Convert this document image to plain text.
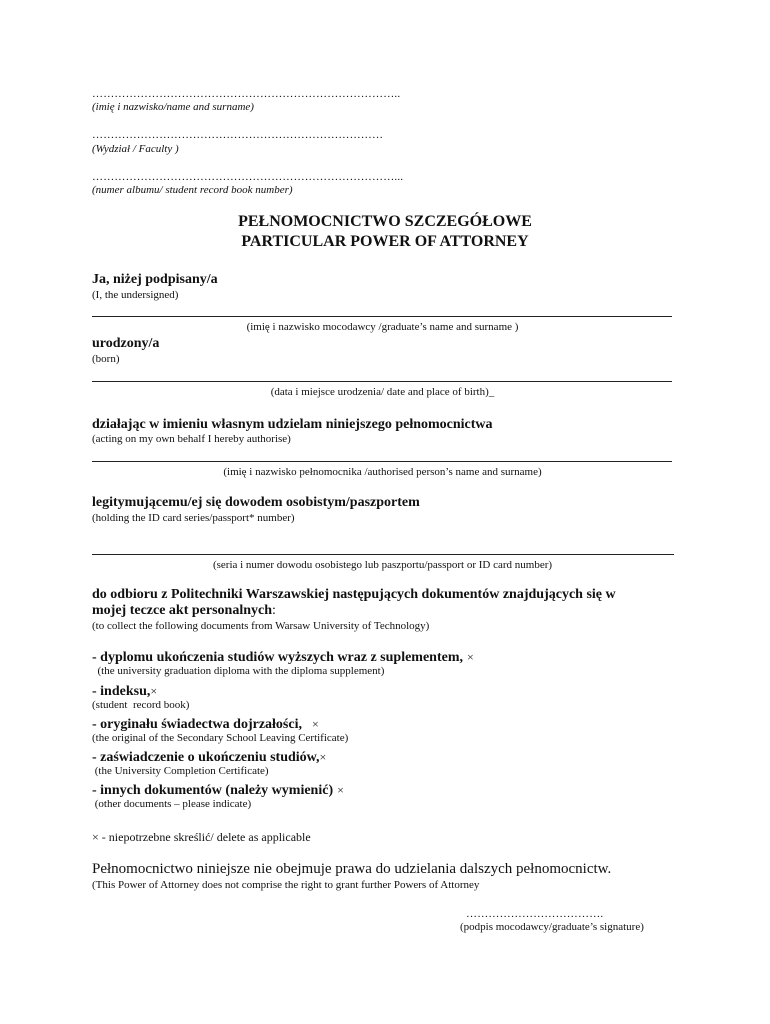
………………………………………………………………………..
(imię i nazwisko/name and surname)
……………………………………………………………………
(Wydział / Faculty )
………………………………………………………………………...
(numer albumu/ student record book number)
PEŁNOMOCNICTWO SZCZEGÓŁOWE
PARTICULAR POWER OF ATTORNEY
Ja, niżej podpisany/a
(I, the undersigned)
(imię i nazwisko mocodawcy /graduate’s name and surname )
urodzony/a
(born)
(data i miejsce urodzenia/ date and place of birth)_
działając w imieniu własnym udzielam niniejszego pełnomocnictwa
(acting on my own behalf I hereby authorise)
(imię i nazwisko pełnomocnika /authorised person’s name and surname)
legitymującemu/ej się dowodem osobistym/paszportem
(holding the ID card series/passport* number)
(seria i numer dowodu osobistego lub paszportu/passport or ID card number)
do odbioru z Politechniki Warszawskiej następujących dokumentów znajdujących się w
mojej teczce akt personalnych:
(to collect the following documents from Warsaw University of Technology)
- dyplomu ukończenia studiów wyższych wraz z suplementem, ×
(the university graduation diploma with the diploma supplement)
- indeksu,×
(student  record book)
- oryginału świadectwa dojrzałości, ×
(the original of the Secondary School Leaving Certificate)
- zaświadczenie o ukończeniu studiów,×
(the University Completion Certificate)
- innych dokumentów (należy wymienić) ×
(other documents – please indicate)
× - niepotrzebne skreślić/ delete as applicable
Pełnomocnictwo niniejsze nie obejmuje prawa do udzielania dalszych pełnomocnictw.
(This Power of Attorney does not comprise the right to grant further Powers of Attorney
……………………………….
(podpis mocodawcy/graduate’s signature)
